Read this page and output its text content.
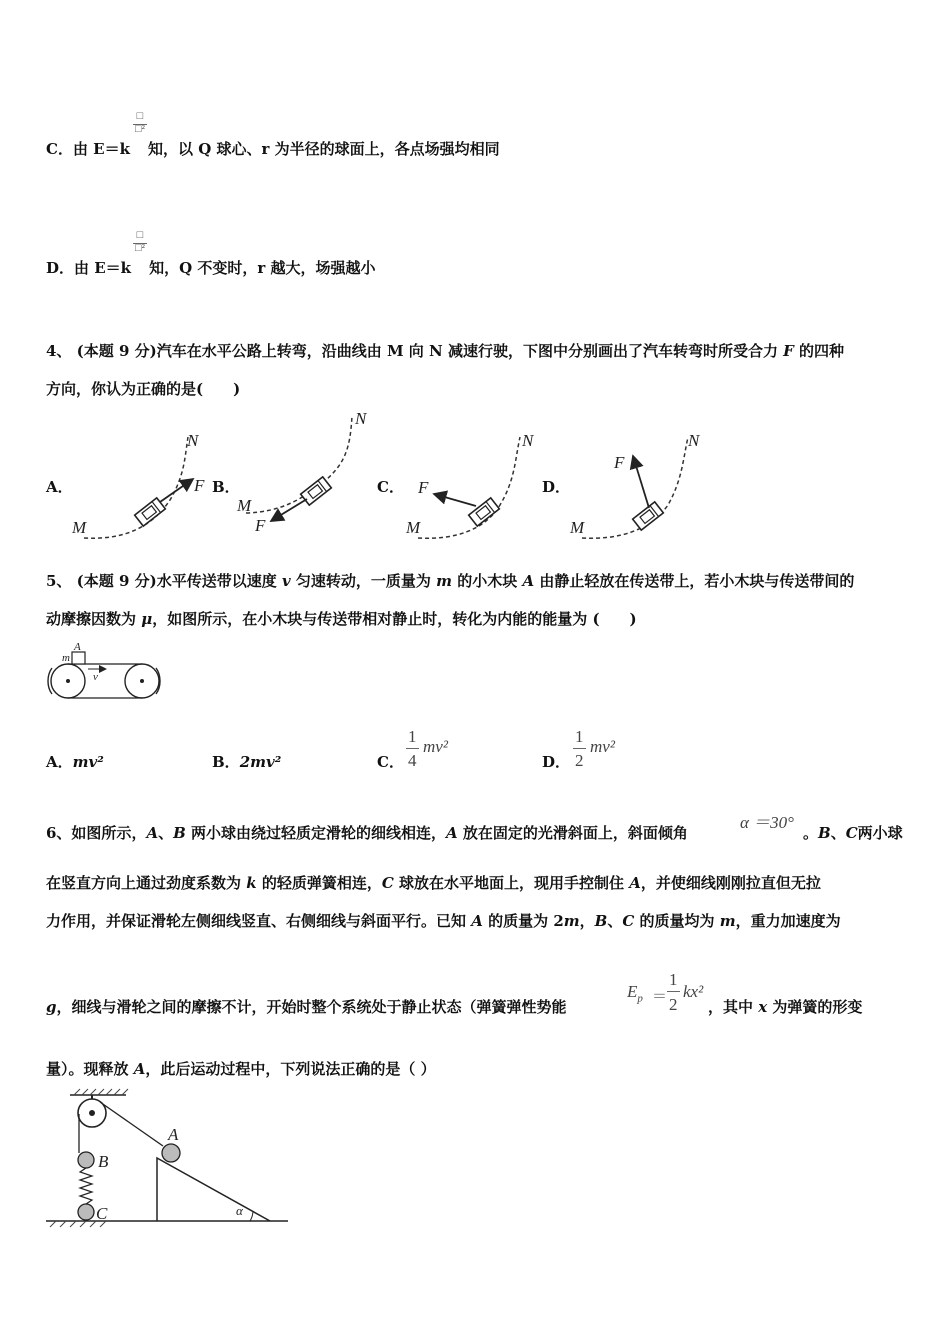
□
□²
C．由 E＝k 知，以 Q 球心、r 为半径的球面上，各点场强均相同
□
□²
D．由 E＝k 知，Q 不变时，r 越大，场强越小
4、 (本题 9 分)汽车在水平公路上转弯，沿曲线由 M 向 N 减速行驶，下图中分别画出了汽车转弯时所受合力 F 的四种
方向，你认为正确的是(　　)
A．	B．	C．	D．
M
N
F
M
N
F	M
N
F
M
N
F
5、 (本题 9 分)水平传送带以速度 v 匀速转动，一质量为 m 的小木块 A 由静止轻放在传送带上，若小木块与传送带间的
动摩擦因数为 μ，如图所示，在小木块与传送带相对静止时，转化为内能的能量为 (　　)
m
A
v
A．mv²	B．2mv²	C．
1
4
mv²
D．
1
2
mv²
6、如图所示，A、B 两小球由绕过轻质定滑轮的细线相连，A 放在固定的光滑斜面上，斜面倾角
α ＝30°
。B、C两小球
在竖直方向上通过劲度系数为 k 的轻质弹簧相连，C 球放在水平地面上，现用手控制住 A，并使细线刚刚拉直但无拉
力作用，并保证滑轮左侧细线竖直、右侧细线与斜面平行。已知 A 的质量为 2m，B、C 的质量均为 m，重力加速度为
g，细线与滑轮之间的摩擦不计，开始时整个系统处于静止状态（弹簧弹性势能
$E_p$ ＝
1
2
kx²
，其中 x 为弹簧的形变
量）。现释放 A，此后运动过程中，下列说法正确的是（ ）
A
B
C	α
